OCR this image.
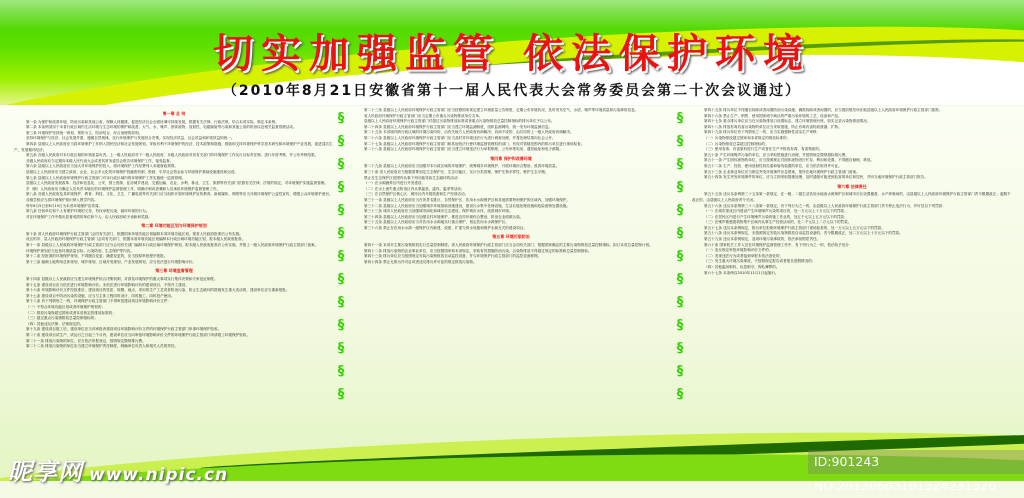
切实加强监管 依法保护环境
（2010年8月21日安徽省第十一届人民代表大会常务委员会第二十次会议通过）

第一章 总 则

第一条 为保护和改善环境，防治污染和其他公害，保障人体健康，促进经济社会全面协调可持续发展，根据有关法律、行政法规，结合本省实际，制定本条例。

第二条 本条例适用于本省行政区域内生活环境与生态环境的保护和改善，大气、水、噪声、固体废物、放射性、电磁辐射等污染和其他公害的防治以及相关监督管理活动。

第三条 环境保护坚持统一规划、预防为主、防治结合、综合治理的原则。

坚持环境保护与经济、社会发展并重，遵循自然规律，实行环境保护与发展综合决策，实现经济效益、社会效益和环境效益的统一。

第四条 县级以上人民政府应当将环境保护工作纳入国民经济和社会发展规划，采取有利于环境保护的经济、技术政策和措施，鼓励和支持环境保护科学技术研究和环境保护产业发展，促进清洁生产，发展循环经济。

第五条 各级人民政府对本行政区域的环境质量负责。上一级人民政府对下一级人民政府、本级人民政府对其有关部门的环境保护工作实行目标责任制，进行年度考核，并公布考核结果。

各级人民政府应当定期向本级人民代表大会或者其常务委员会报告环境保护工作，接受监督。

第六条 县级以上人民政府应当加大对环境保护的投入，将环境保护工作经费列入本级财政预算。

县级以上人民政府应当建立政府、企业、社会多元化的环境保护投融资机制，鼓励、引导社会资金参与环境保护基础设施建设和运营。

第七条 县级以上人民政府环境保护行政主管部门对本行政区域内的环境保护工作实施统一监督管理。

县级以上人民政府发展改革、经济和信息化、公安、国土资源、住房城乡建设、交通运输、农业、水利、林业、卫生、旅游等有关部门依照有关法律、法规的规定，对环境保护实施监督管理。

乡（镇）人民政府应当确定人员负责本辖区的环境保护监督管理工作，明确专职或者兼职人员承担环境保护监督管理工作。

第八条 各级人民政府及其环境保护、教育、科技、文化、卫生、广播电视等有关部门应当组织开展环境保护宣传教育。新闻媒体、网络等应当开展环境保护公益性宣传，增强公众环境保护意识。

各级学校应当将环境保护知识纳入教学内容。

每年6月5日至6月15日为本省环境保护宣传周。

第九条 任何单位和个人有保护环境的义务，有权举报污染、破坏环境的行为。

对在环境保护工作中做出显著成绩的单位和个人，由人民政府给予表彰和奖励。

第二章 环境功能区划与环境保护规划

第十条 省人民政府环境保护行政主管部门会同有关部门，根据国家环境功能区划编制本省环境功能区划，报省人民政府批准后公布实施。

设区的市、县人民政府环境保护行政主管部门会同有关部门，根据本省环境功能区划编制本行政区域环境功能区划，报本级人民政府批准。

第十一条 县级以上人民政府环境保护行政主管部门应当会同有关部门编制本行政区域环境保护规划，报本级人民政府批准后公布实施，并报上一级人民政府环境保护行政主管部门备案。

环境保护规划应当包括环境质量目标、污染防治、生态保护等内容。

第十二条 经批准的环境保护规划，不得擅自变更；确需变更的，应当按原审批程序报批。

第十三条 编制土地利用总体规划、城乡规划、区域开发规划、产业发展规划，应当依法进行环境影响评价。

第三章 环境监督管理

第十四条 县级以上人民政府应当建立环境保护综合决策机制，对涉及环境保护的重大事项实行集体决策和专家论证制度。

第十五条 建设项目应当依法进行环境影响评价。未依法进行环境影响评价的建设项目，不得开工建设。

第十六条 环境影响评价文件经批准后，建设项目的性质、规模、地点、采用的生产工艺或者防治污染、防止生态破坏的措施发生重大变动的，建设单位应当重新报批。

第十七条 建设项目中防治污染的设施，应当与主体工程同时设计、同时施工、同时投产使用。

第十八条 有下列情形之一的，环境保护行政主管部门不得审批建设项目环境影响评价文件：

（一）不符合环境功能区划或者环境保护规划的；

（二）排放污染物超过国家或者本省规定的排放标准的；

（三）超过重点污染物排放总量控制指标的；

（四）其他违反法律、法规规定的。

第十九条 建设项目竣工后，建设单位应当向审批该建设项目环境影响评价文件的环境保护行政主管部门申请环境保护验收。

第二十条 建设项目试生产、试运行之日起三个月内，建设单位应当向审批环境影响评价文件的环境保护行政主管部门申请竣工环境保护验收。

第二十一条 排放污染物的单位，应当依法申报登记，按照规定缴纳排污费。

第二十二条 排放污染物的单位应当建立环境保护责任制度，明确单位负责人和相关人员的责任。

§
§
§
§
§
§
§
§
§
§
§
§
§

第二十三条 县级以上人民政府环境保护行政主管部门应当按照国家规定建立环境质量公告制度，定期公布环境状况，及时发布空气、水质、噪声等环境质量和污染事故信息。

省人民政府环境保护行政主管部门应当定期公布重点污染物排放单位名单。

县级以上人民政府环境保护行政主管部门对超过污染物排放标准或者重点污染物排放总量控制指标的排污单位予以公布。

第二十四条 县级以上人民政府环境保护行政主管部门应当建立环境监测制度，组织监测网络，统一发布环境监测信息。

第二十五条 本省境内跨行政区域的环境污染纠纷，由有关地方人民政府协商解决；协商不成的，由共同的上一级人民政府协调解决。

第二十六条 县级以上人民政府环境保护行政主管部门应当及时对环境违法行为进行调查处理，并将处理结果向社会公开。

第二十七条 县级以上人民政府环境保护行政主管部门和其他依法行使环境监督管理权的部门，有权对管辖范围内的排污单位进行现场检查。

第二十八条 县级以上人民政府环境保护行政主管部门应当建立环境违法行为举报制度，公布举报电话、通信地址和电子邮箱。

第四章 保护和改善环境

第二十九条 县级以上人民政府应当加强对本行政区域的环境保护，统筹城乡环境保护，开展环境综合整治，改善环境质量。

第三十条 省人民政府应当根据需要划定生态保护区、生态功能区，实行分类管理，保护生物多样性，维护生态平衡。

禁止在生态保护区范围内从事下列可能导致生态破坏的活动：

（一）在水源涵养区内进行开发建设；

（二）在水土流失重点防治区内从事滥垦、滥伐、滥采等活动；

（三）在自然保护区核心区、缓冲区内开展旅游和生产经营活动。

第三十一条 县级以上人民政府应当在风景名胜区、自然保护区、饮用水水源保护区和其他需要特别保护的区域内，加强环境保护。

第三十二条 县级以上人民政府应当加强城乡环境基础设施建设，建设污水集中处理设施、生活垃圾处理设施和危险废物处置设施。

第三十三条 城市人民政府应当加强城市绿化和城市生态建设，保护城市水体，改善城市环境。

第三十四条 县级以上人民政府应当加强农村环境保护，推进农村环境综合整治，防治农业面源污染。

第三十五条 县级以上人民政府应当对饮用水水源地实行重点保护，划定饮用水水源保护区。

第三十六条 禁止在饮用水水源一级保护区内新建、改建、扩建与供水设施和保护水源无关的建设项目。

第五章 环境污染防治

第四十一条 本省对主要污染物排放实行总量控制制度。省人民政府环境保护行政主管部门应当会同有关部门，根据国家确定的主要污染物排放总量控制指标，拟订本省总量控制计划。

第四十二条 排放污染物的企业事业单位，应当按照国家和本省规定，采取有效措施防治污染，污染物排放不得超过规定的标准和总量控制指标。

第四十三条 排污单位应当按照规定安装污染物排放自动监控设备，并与环境保护行政主管部门的监控设备联网。

第四十四条 禁止无排污许可证或者违反排污许可证的规定排放污染物。

§
§
§
§
§
§
§
§
§
§
§
§
§

第四十五条 排污单位不得擅自拆除或者闲置防治污染设施；确需拆除或者闲置的，应当提前报经所在地县级以上人民政府环境保护行政主管部门批准。

第四十六条 禁止生产、销售、使用国家明令淘汰的严重污染环境的工艺、设备和产品。

第四十七条 重点排污单位应当在污染物排放口设置标志，建立环境管理台账，如实记录污染物排放情况。

第四十八条 排放有毒有害污染物的单位应当采取措施，防止有毒有害物质泄漏、扩散。

第四十九条 排污单位有下列情形之一的，应当实施强制性清洁生产审核：

（一）污染物排放超过国家和本省规定的排放标准的；

（二）污染物排放总量超过控制指标的；

（三）使用有毒、有害原料进行生产或者在生产中排放有毒、有害物质的。

第五十条 产生环境噪声污染的单位，应当采取措施进行治理，并按照规定缴纳超标排污费。

第五十一条 产生固体废物的单位，应当按照规定对固体废物进行贮存、利用和处置，不得擅自倾倒、堆放。

第五十二条 生产、经营、使用放射性同位素和射线装置的单位，应当依法取得许可证。

第五十三条 企业事业单位应当制定突发环境事件应急预案，报所在地环境保护行政主管部门备案。

第五十四条 发生突发环境事件的单位，应当立即采取措施处理，及时通报可能受到危害的单位和居民，并向当地环境保护行政主管部门报告。

第六章 法律责任

第五十五条 违反本条例第三十五条第一款规定，在一级、二级生活饮用水地表水源保护区和城市市区设置畜禽、水产养殖场的，由县级以上人民政府环境保护行政主管部门责令限期改正；逾期不改正的，由县级以上人民政府责令关闭。

第五十六条 违反本条例第三十八条第一款规定，有下列行为之一的，由县级以上人民政府环境保护行政主管部门责令停止违法行为，并可处以下列罚款：

（一）在城市建成区内建设产生环境噪声污染的项目的，处一万元以上十万元以下的罚款；

（二）在居民区内进行产生环境噪声污染的施工作业的，处五千元以上五万元以下的罚款；

（三）在噪声敏感建筑物集中区域内从事生产经营活动的，处二千元以上二万元以下的罚款。

第五十七条 违反本条例规定，排污单位拒绝环境保护行政主管部门现场检查的，处一万元以上五万元以下的罚款。

第五十八条 违反本条例规定，未按照规定安装污染物排放自动监控设备的，责令限期改正，处二万元以上十万元以下的罚款。

第五十九条 违反本条例规定，造成环境污染事故的，依法承担赔偿责任。

第六十条 国家机关工作人员在环境保护监督管理工作中，有下列行为之一的，依法给予处分：

（一）违反规定审批环境影响评价文件的；

（二）发现违法行为或者接到举报未依法查处的；

（三）发生重大环境污染事故，不按照规定报告或者报告虚假情况的；

（四）其他滥用职权、玩忽职守、徇私舞弊的。

第六十七条 本条例自2010年11月1日起施行。

昵享网 www.nipic.cn
ID:901243 NO:20130603101324231320
